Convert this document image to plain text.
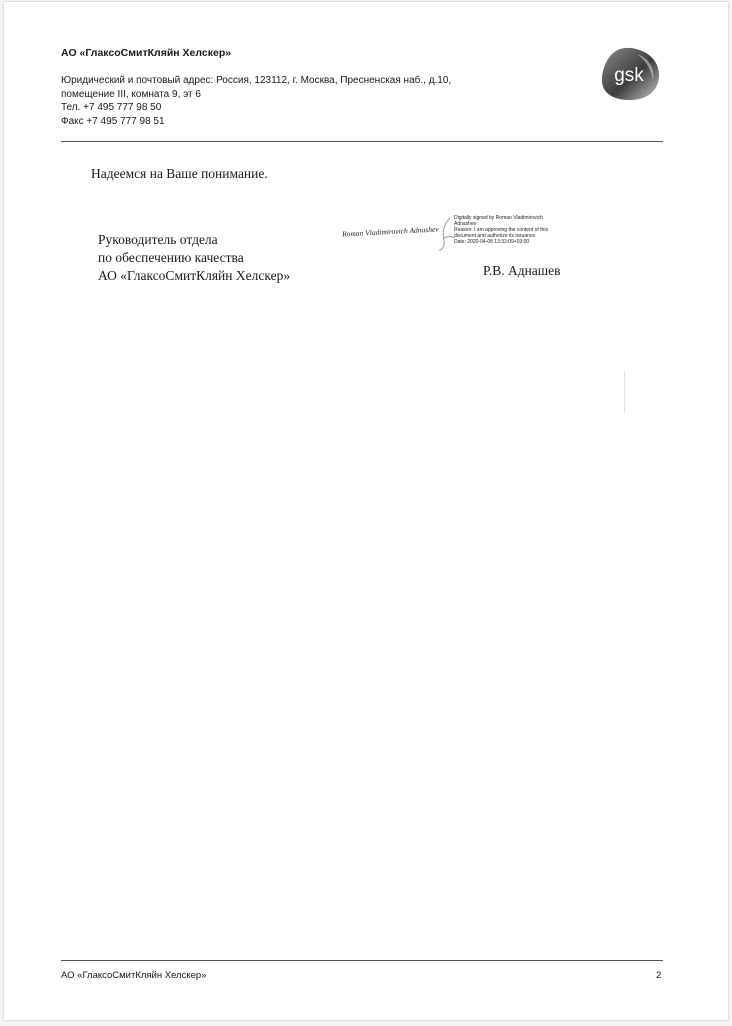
АО «ГлаксоСмитКляйн Хелскер»
Юридический и почтовый адрес: Россия, 123112, г. Москва, Пресненская наб., д.10,
помещение III, комната 9, эт 6
Тел. +7 495 777 98 50
Факс +7 495 777 98 51
gsk
Надеемся на Ваше понимание.
Руководитель отдела
по обеспечению качества
АО «ГлаксоСмитКляйн Хелскер»
Roman Vladimirovich Adnashev
Digitally signed by Roman Vladimirovich
Adnashev
Reason: I am approving the content of this
document and authorize its issuance.
Date: 2020-04-08 13:33:09+03:00
Р.В. Аднашев
АО «ГлаксоСмитКляйн Хелскер»	2
